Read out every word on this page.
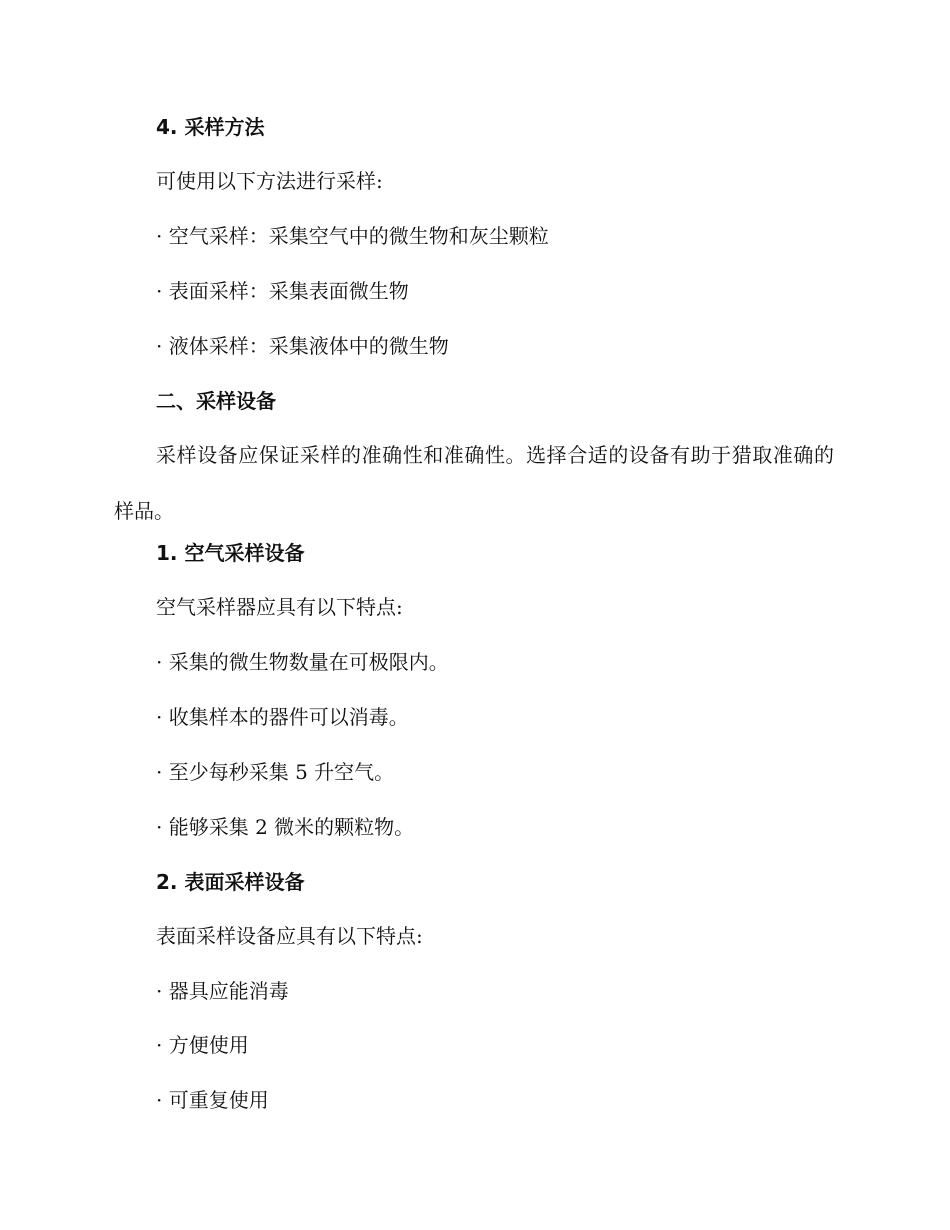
4. 采样方法
可使用以下方法进行采样:
· 空气采样：采集空气中的微生物和灰尘颗粒
· 表面采样：采集表面微生物
· 液体采样：采集液体中的微生物
二、采样设备
采样设备应保证采样的准确性和准确性。选择合适的设备有助于猎取准确的样品。
1. 空气采样设备
空气采样器应具有以下特点:
· 采集的微生物数量在可极限内。
· 收集样本的器件可以消毒。
· 至少每秒采集 5 升空气。
· 能够采集 2 微米的颗粒物。
2. 表面采样设备
表面采样设备应具有以下特点:
· 器具应能消毒
· 方便使用
· 可重复使用
